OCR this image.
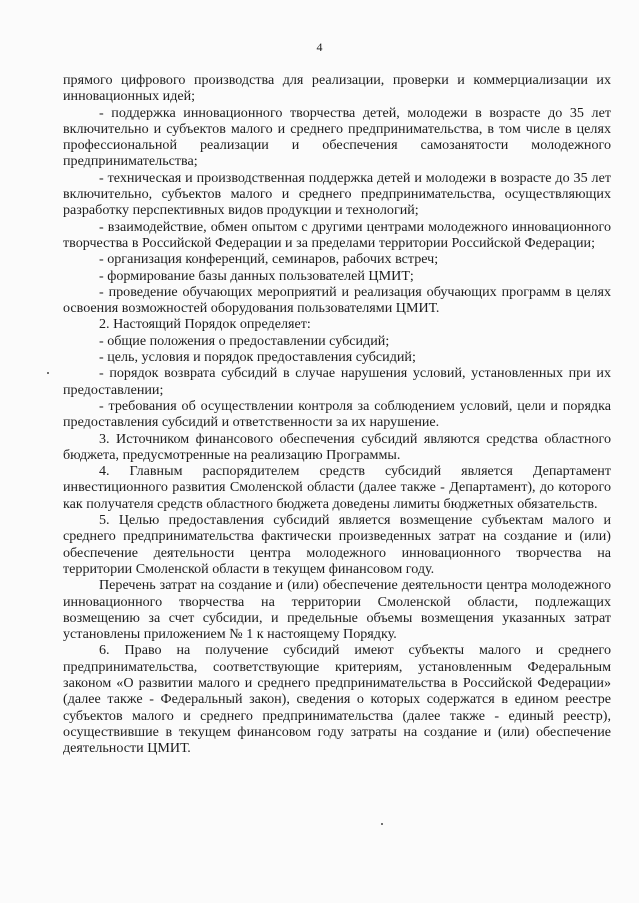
4

прямого цифрового производства для реализации, проверки и коммерциализации их инновационных идей;

- поддержка инновационного творчества детей, молодежи в возрасте до 35 лет включительно и субъектов малого и среднего предпринимательства, в том числе в целях профессиональной реализации и обеспечения самозанятости молодежного предпринимательства;

- техническая и производственная поддержка детей и молодежи в возрасте до 35 лет включительно, субъектов малого и среднего предпринимательства, осуществляющих разработку перспективных видов продукции и технологий;

- взаимодействие, обмен опытом с другими центрами молодежного инновационного творчества в Российской Федерации и за пределами территории Российской Федерации;

- организация конференций, семинаров, рабочих встреч;

- формирование базы данных пользователей ЦМИТ;

- проведение обучающих мероприятий и реализация обучающих программ в целях освоения возможностей оборудования пользователями ЦМИТ.

2. Настоящий Порядок определяет:

- общие положения о предоставлении субсидий;

- цель, условия и порядок предоставления субсидий;

- порядок возврата субсидий в случае нарушения условий, установленных при их предоставлении;

- требования об осуществлении контроля за соблюдением условий, цели и порядка предоставления субсидий и ответственности за их нарушение.

3. Источником финансового обеспечения субсидий являются средства областного бюджета, предусмотренные на реализацию Программы.

4. Главным распорядителем средств субсидий является Департамент инвестиционного развития Смоленской области (далее также - Департамент), до которого как получателя средств областного бюджета доведены лимиты бюджетных обязательств.

5. Целью предоставления субсидий является возмещение субъектам малого и среднего предпринимательства фактически произведенных затрат на создание и (или) обеспечение деятельности центра молодежного инновационного творчества на территории Смоленской области в текущем финансовом году.

Перечень затрат на создание и (или) обеспечение деятельности центра молодежного инновационного творчества на территории Смоленской области, подлежащих возмещению за счет субсидии, и предельные объемы возмещения указанных затрат установлены приложением № 1 к настоящему Порядку.

6. Право на получение субсидий имеют субъекты малого и среднего предпринимательства, соответствующие критериям, установленным Федеральным законом «О развитии малого и среднего предпринимательства в Российской Федерации» (далее также - Федеральный закон), сведения о которых содержатся в едином реестре субъектов малого и среднего предпринимательства (далее также - единый реестр), осуществившие в текущем финансовом году затраты на создание и (или) обеспечение деятельности ЦМИТ.
